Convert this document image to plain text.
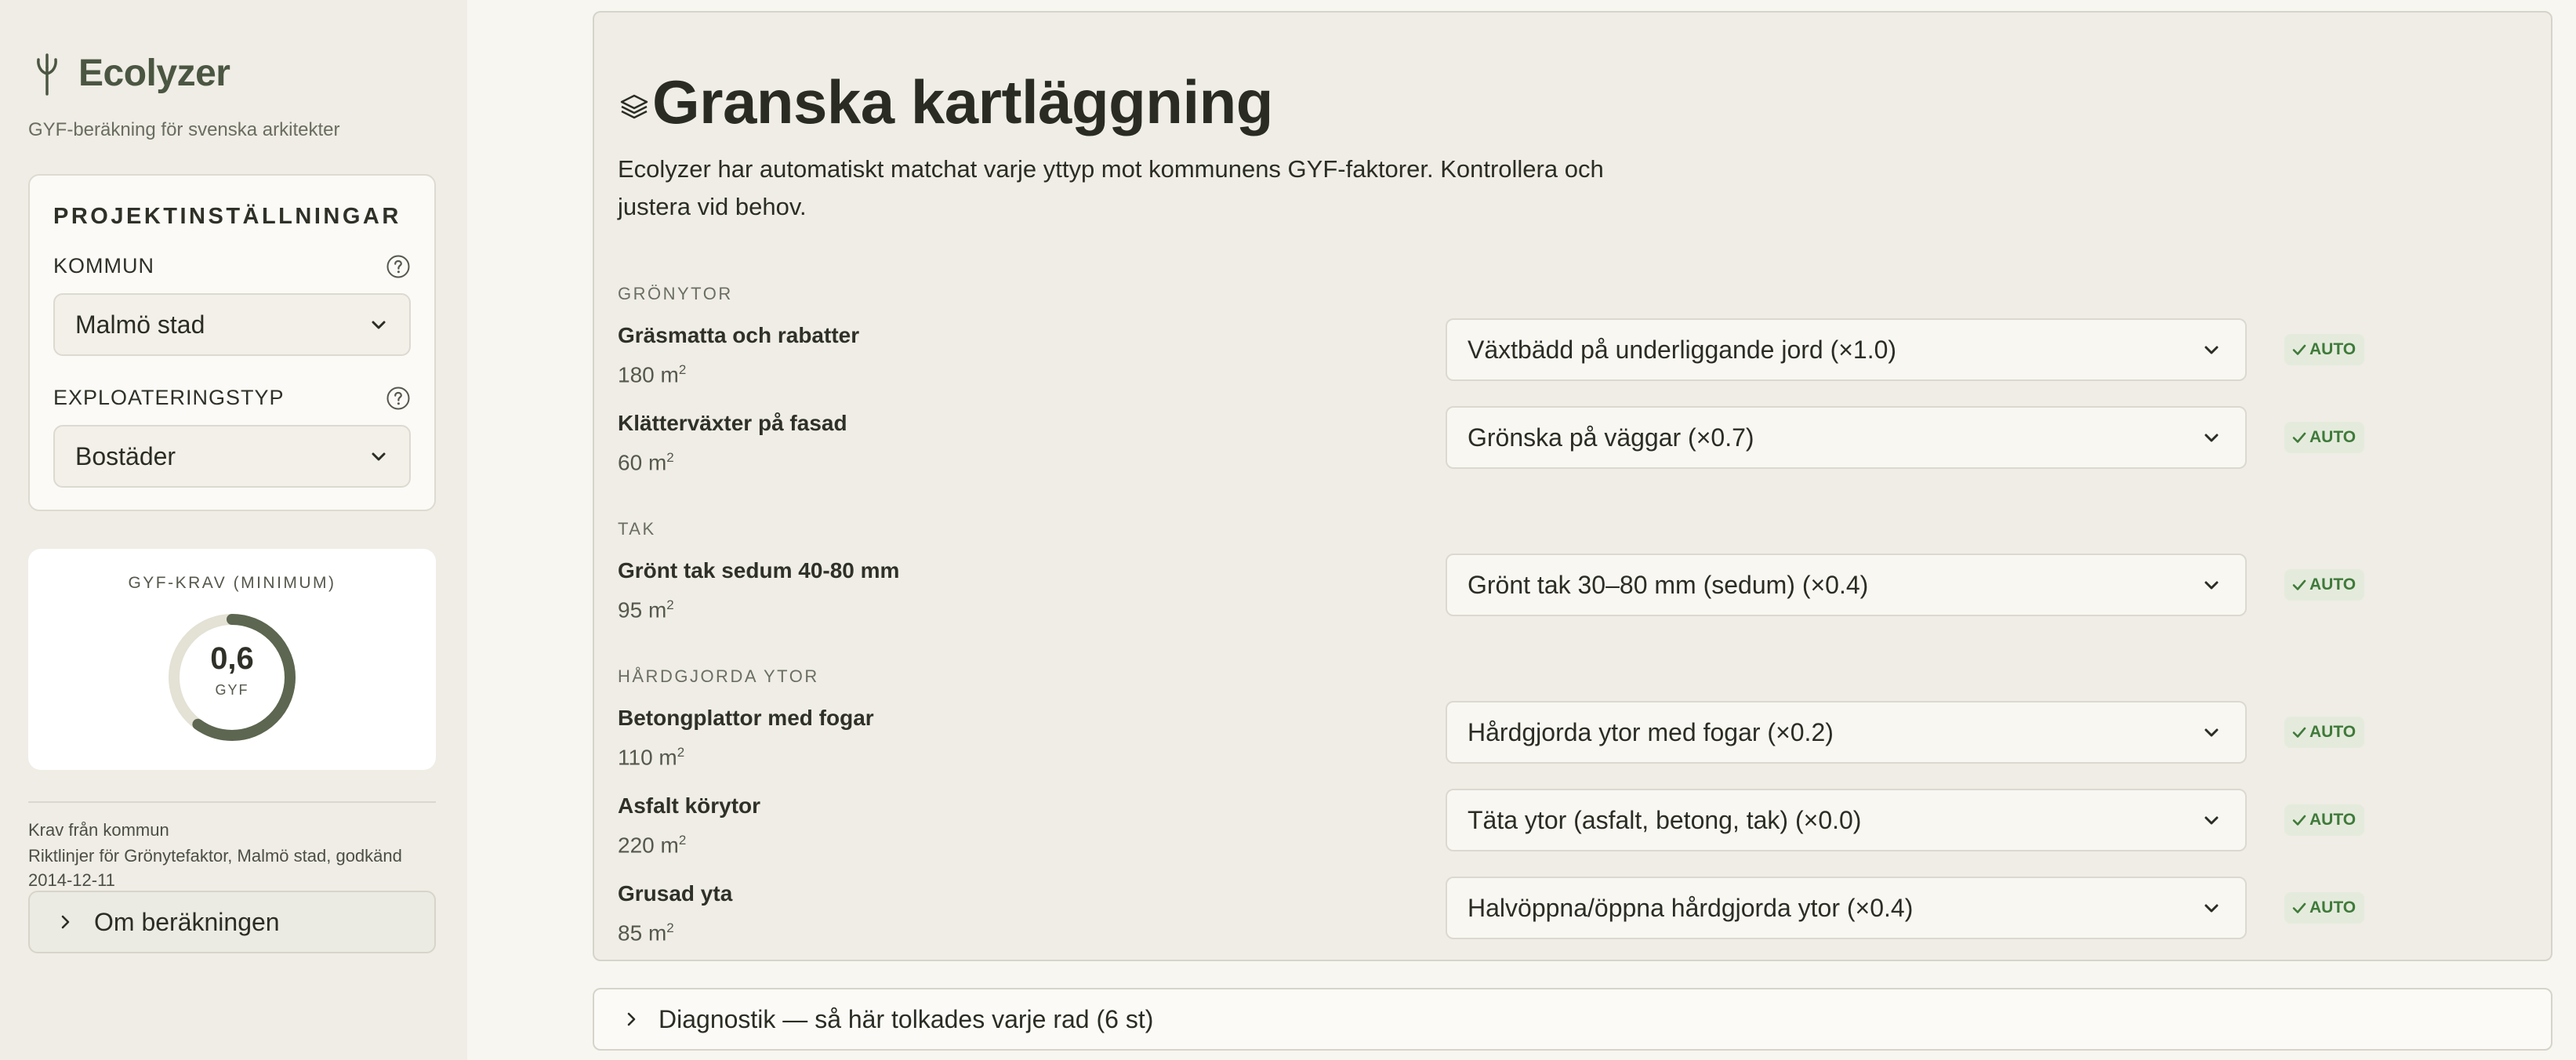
Ecolyzer
GYF-beräkning för svenska arkitekter
PROJEKTINSTÄLLNINGAR
KOMMUN
Malmö stad
EXPLOATERINGSTYP
Bostäder
GYF-KRAV (MINIMUM)
0,6
GYF
Krav från kommun
Riktlinjer för Grönytefaktor, Malmö stad, godkänd 2014-12-11
Om beräkningen
Granska kartläggning

Ecolyzer har automatiskt matchat varje yttyp mot kommunens GYF-faktorer. Kontrollera och justera vid behov.

GRÖNYTOR
Gräsmatta och rabatter
180 $m^2$
Växtbädd på underliggande jord (×1.0)	AUTO
Klätterväxter på fasad
60 $m^2$
Grönska på väggar (×0.7)	AUTO
TAK
Grönt tak sedum 40-80 mm
95 $m^2$
Grönt tak 30–80 mm (sedum) (×0.4)	AUTO
HÅRDGJORDA YTOR
Betongplattor med fogar
110 $m^2$
Hårdgjorda ytor med fogar (×0.2)	AUTO
Asfalt körytor
220 $m^2$
Täta ytor (asfalt, betong, tak) (×0.0)	AUTO
Grusad yta
85 $m^2$
Halvöppna/öppna hårdgjorda ytor (×0.4)	AUTO
Diagnostik — så här tolkades varje rad (6 st)
